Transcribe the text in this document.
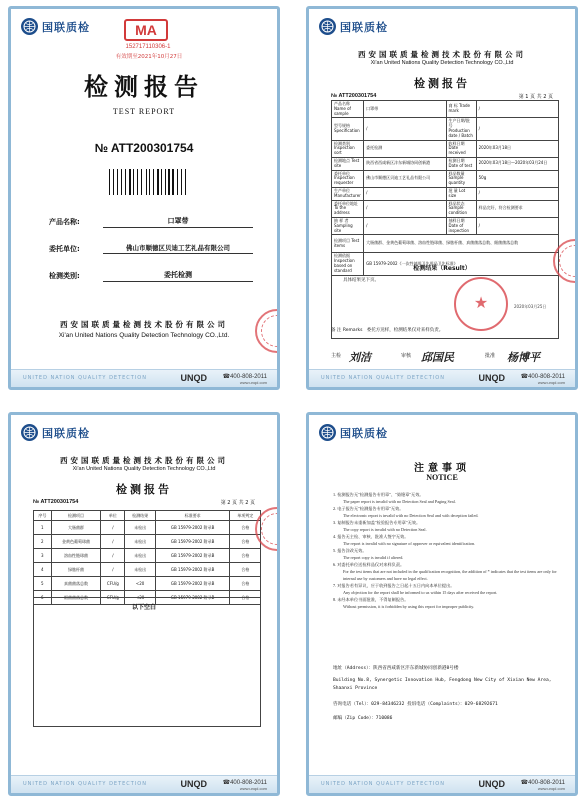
国联质检	MA
152717110306-1
有效期至2021年10月27日
检测报告
TEST REPORT
№ ATT200301754
产品名称:	口罩带
委托单位:	佛山市顺德区贝迪工艺礼品有限公司
检测类别:	委托检测
西安国联质量检测技术股份有限公司
Xi'an United Nations Quality Detection Technology CO.,Ltd.
UNITED NATION QUALITY DETECTION	UNQD	☎400-808-2011
www.unqd.com
国联质检
西安国联质量检测技术股份有限公司
Xi'an United Nations Quality Detection Technology CO.,Ltd
检测报告
№ ATT200301754	第 1 页 共 2 页
产品名称 Name of sample	口罩带	商 标 Trade mark	/
型号规格 Specification	/	生产日期/批号 Production date / Batch	/
检测类别 Inspection sort	委托检测	收样日期 Date received	2020年03月18日
检测地点 Test site	陕西省西咸新区沣东新城协同创新港	检测日期 Date of test	2020年03月18日—2020年03月24日
委托单位 Inspection requester	佛山市顺德区贝迪工艺礼品有限公司	样品数量 Sample quantity	50g
生产单位 Manufacturer	/	批 量 Lot size	/
委托单位地址 To the address	/	样品状态 Sample condition	样品完好，符合检测要求
抽 样 者 Sampling site	/	抽样日期 Date of inspection	/
检测项目 Test items	大肠菌群、金黄色葡萄球菌、溶血性链球菌、绿脓杆菌、真菌菌落总数、细菌菌落总数		
检测依据 Inspection based on standard	GB 15979-2002《一次性使用卫生用品卫生标准》		
检测结果（Result）
具体结果见下页。
★
2020年03月25日
备 注 Remarks 委托方送样，检测结果仅对来样负责。
主检 刘洁	审核 邱国民	批准 杨博平
UNITED NATION QUALITY DETECTION	UNQD	☎400-808-2011
www.unqd.com
国联质检
西安国联质量检测技术股份有限公司
Xi'an United Nations Quality Detection Technology CO.,Ltd
检测报告
№ ATT200301754	第 2 页 共 2 页
序号	检测项目	单位	检测结果	标准要求	单项判定
1	大肠菌群	/	未检出	GB 15979-2002 附录B	合格
2	金黄色葡萄球菌	/	未检出	GB 15979-2002 附录B	合格
3	溶血性链球菌	/	未检出	GB 15979-2002 附录B	合格
4	绿脓杆菌	/	未检出	GB 15979-2002 附录B	合格
5	真菌菌落总数	CFU/g	<20	GB 15979-2002 附录B	合格
6	细菌菌落总数	CFU/g	<20	GB 15979-2002 附录B	合格
以下空白
UNITED NATION QUALITY DETECTION	UNQD	☎400-808-2011
www.unqd.com
国联质检
注意事项
NOTICE
1. 检测报告无"检测报告专用章"、"骑缝章"无效。
The paper report is invalid with no Detection Seal and Paging Seal.
2. 电子报告无"检测报告专用章"无效。
The electronic report is invalid with no Detection Seal and with deception failed.
3. 复制报告未重新加盖"检验报告专用章"无效。
The copy report is invalid with no Detection Seal.
4. 报告无主检、审核、批准人签字无效。
The report is invalid with no signature of approver or equivalent identification.
5. 报告涂改无效。
The report copy is invalid if altered.
6. 对委托单位送检样品仅对来样负责。
For the test items that are not included in the qualification recognition, the addition of * indicates that the test items are only for internal use by customers and have no legal effect.
7. 对报告若有异议，应于收到报告之日起十五日内向本单位提出。
Any objection for the report shall be informed to us within 15 days after received the report.
8. 未经本单位书面批准，不得复制报告。
Without permission, it is forbidden by using this report for improper publicity.
地址（Address）：陕西省西咸新区沣东新城协同创新港8号楼
Building No.8, Synergetic Innovation Hub, Fengdong New City of Xixian New Area, Shaanxi Province
咨询电话（Tel）：029-84346232 投诉电话（Complaints）：029-68292671
邮编（Zip Code）：710086
UNITED NATION QUALITY DETECTION	UNQD	☎400-808-2011
www.unqd.com
